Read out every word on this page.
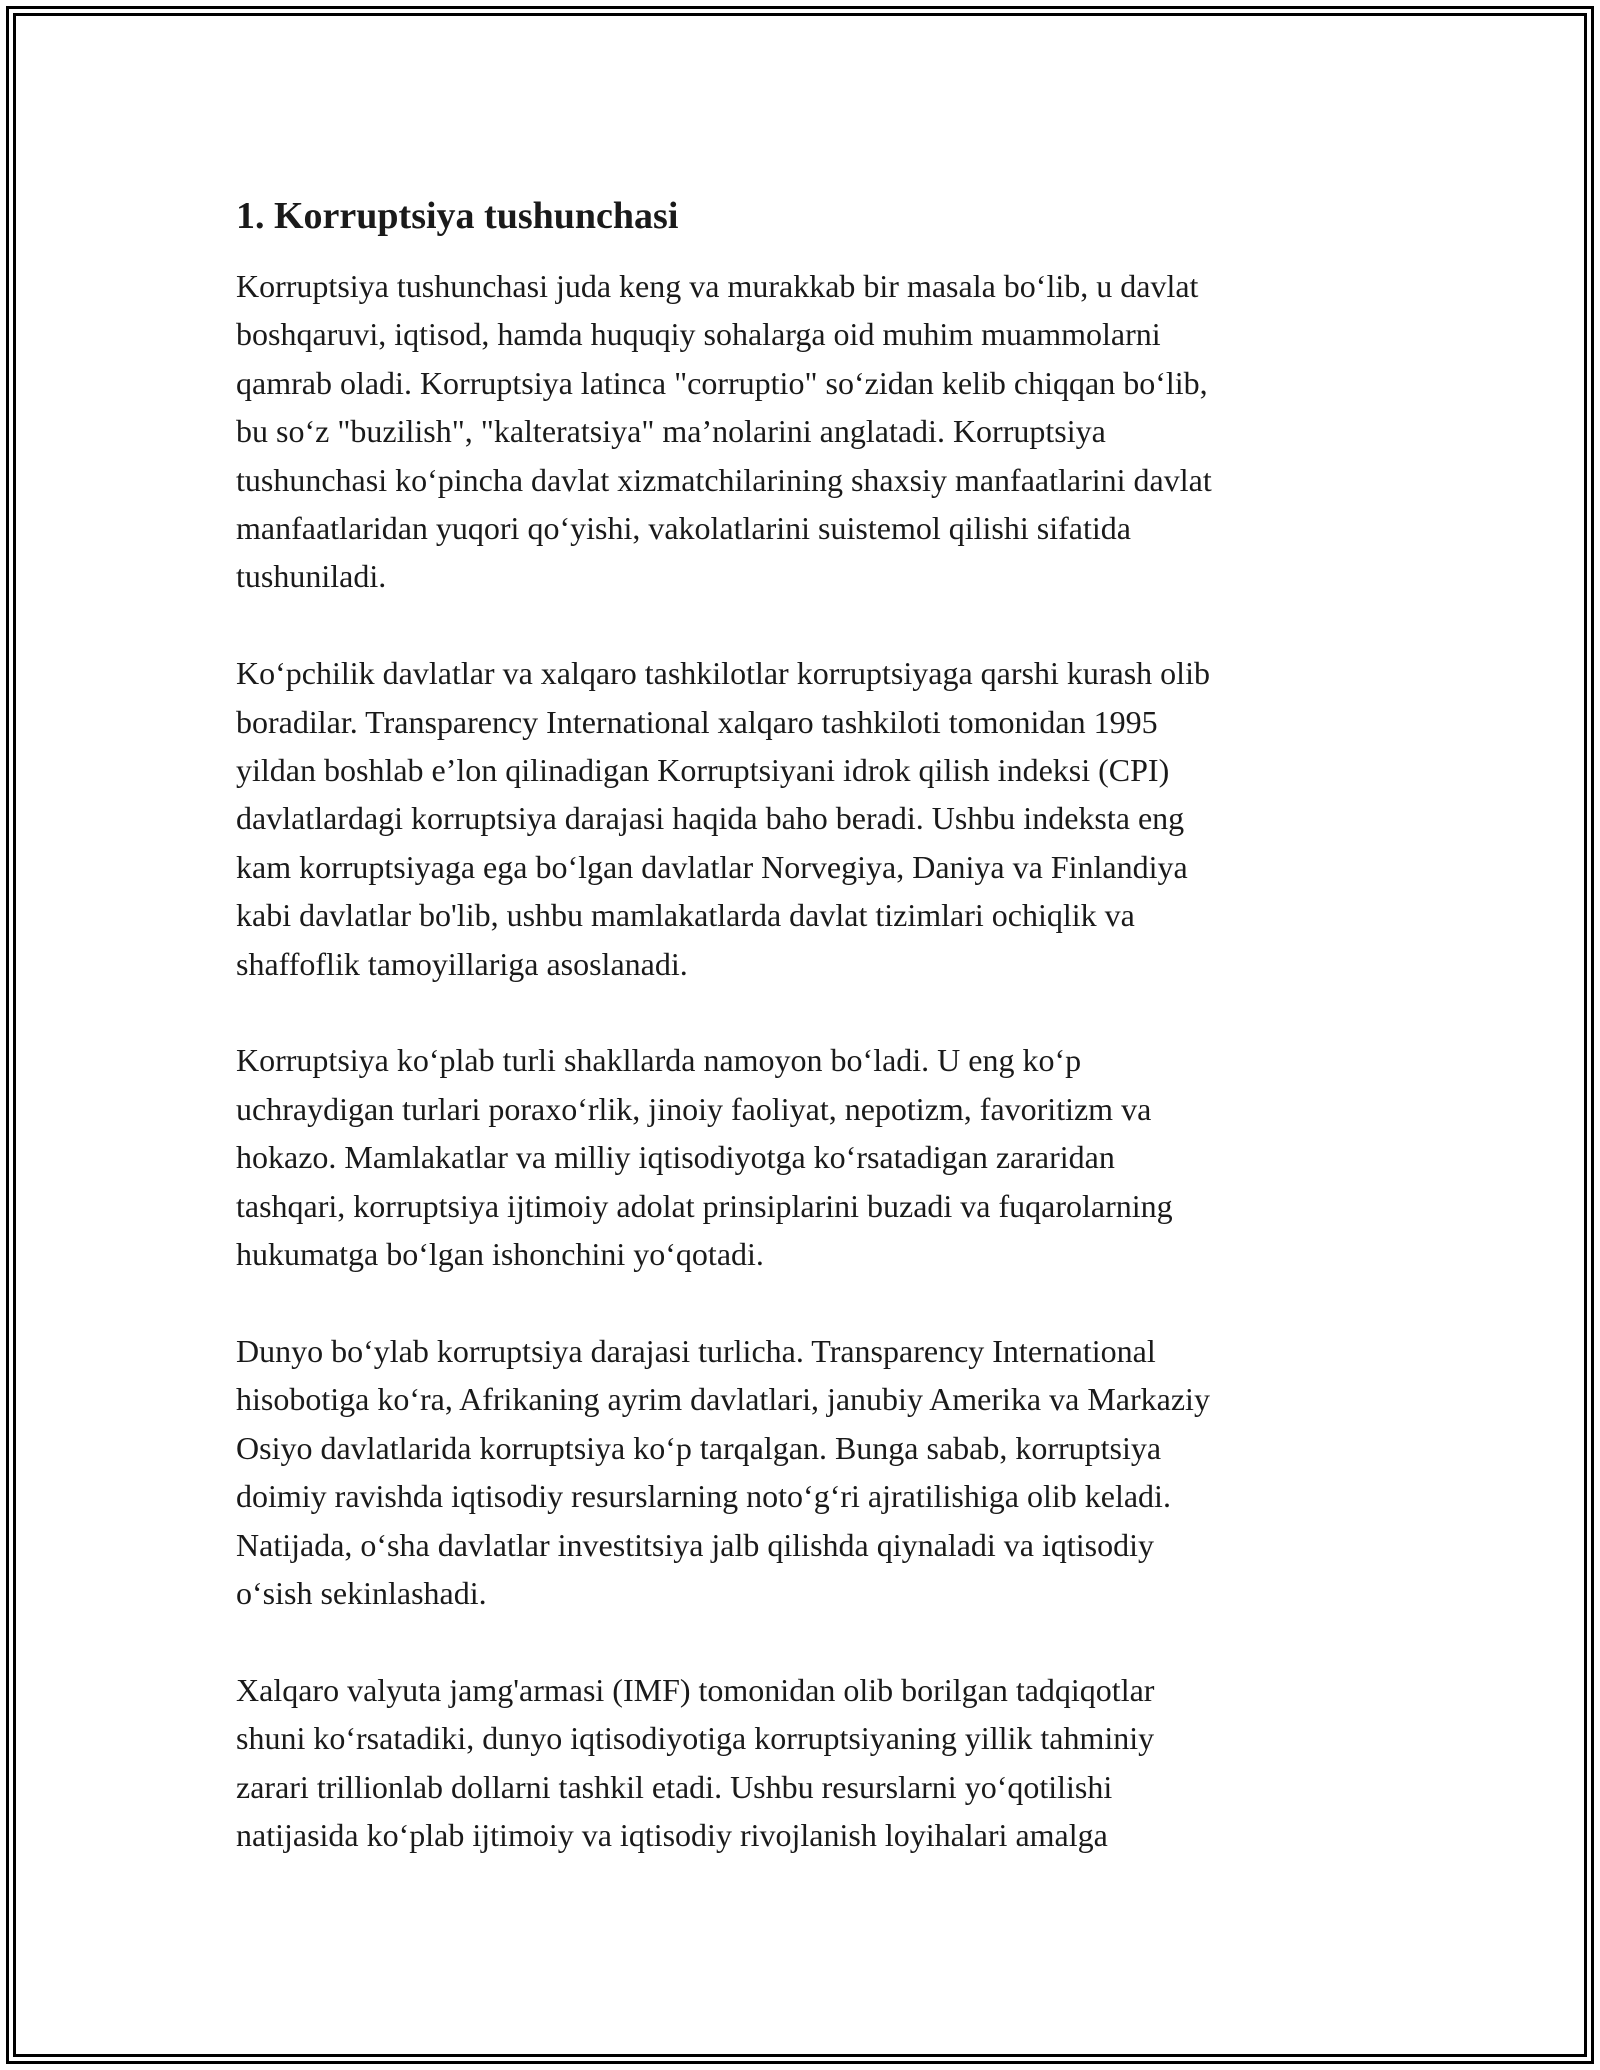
1. Korruptsiya tushunchasi

Korruptsiya tushunchasi juda keng va murakkab bir masala boʻlib, u davlat
boshqaruvi, iqtisod, hamda huquqiy sohalarga oid muhim muammolarni
qamrab oladi. Korruptsiya latinca "corruptio" soʻzidan kelib chiqqan boʻlib,
bu soʻz "buzilish", "kalteratsiya" maʼnolarini anglatadi. Korruptsiya
tushunchasi koʻpincha davlat xizmatchilarining shaxsiy manfaatlarini davlat
manfaatlaridan yuqori qoʻyishi, vakolatlarini suistemol qilishi sifatida
tushuniladi.

Koʻpchilik davlatlar va xalqaro tashkilotlar korruptsiyaga qarshi kurash olib
boradilar. Transparency International xalqaro tashkiloti tomonidan 1995
yildan boshlab e’lon qilinadigan Korruptsiyani idrok qilish indeksi (CPI)
davlatlardagi korruptsiya darajasi haqida baho beradi. Ushbu indeksta eng
kam korruptsiyaga ega boʻlgan davlatlar Norvegiya, Daniya va Finlandiya
kabi davlatlar bo'lib, ushbu mamlakatlarda davlat tizimlari ochiqlik va
shaffoflik tamoyillariga asoslanadi.

Korruptsiya koʻplab turli shakllarda namoyon boʻladi. U eng koʻp
uchraydigan turlari poraxoʻrlik, jinoiy faoliyat, nepotizm, favoritizm va
hokazo. Mamlakatlar va milliy iqtisodiyotga koʻrsatadigan zararidan
tashqari, korruptsiya ijtimoiy adolat prinsiplarini buzadi va fuqarolarning
hukumatga boʻlgan ishonchini yoʻqotadi.

Dunyo boʻylab korruptsiya darajasi turlicha. Transparency International
hisobotiga koʻra, Afrikaning ayrim davlatlari, janubiy Amerika va Markaziy
Osiyo davlatlarida korruptsiya koʻp tarqalgan. Bunga sabab, korruptsiya
doimiy ravishda iqtisodiy resurslarning notoʻgʻri ajratilishiga olib keladi.
Natijada, oʻsha davlatlar investitsiya jalb qilishda qiynaladi va iqtisodiy
oʻsish sekinlashadi.

Xalqaro valyuta jamg'armasi (IMF) tomonidan olib borilgan tadqiqotlar
shuni koʻrsatadiki, dunyo iqtisodiyotiga korruptsiyaning yillik tahminiy
zarari trillionlab dollarni tashkil etadi. Ushbu resurslarni yoʻqotilishi
natijasida koʻplab ijtimoiy va iqtisodiy rivojlanish loyihalari amalga
